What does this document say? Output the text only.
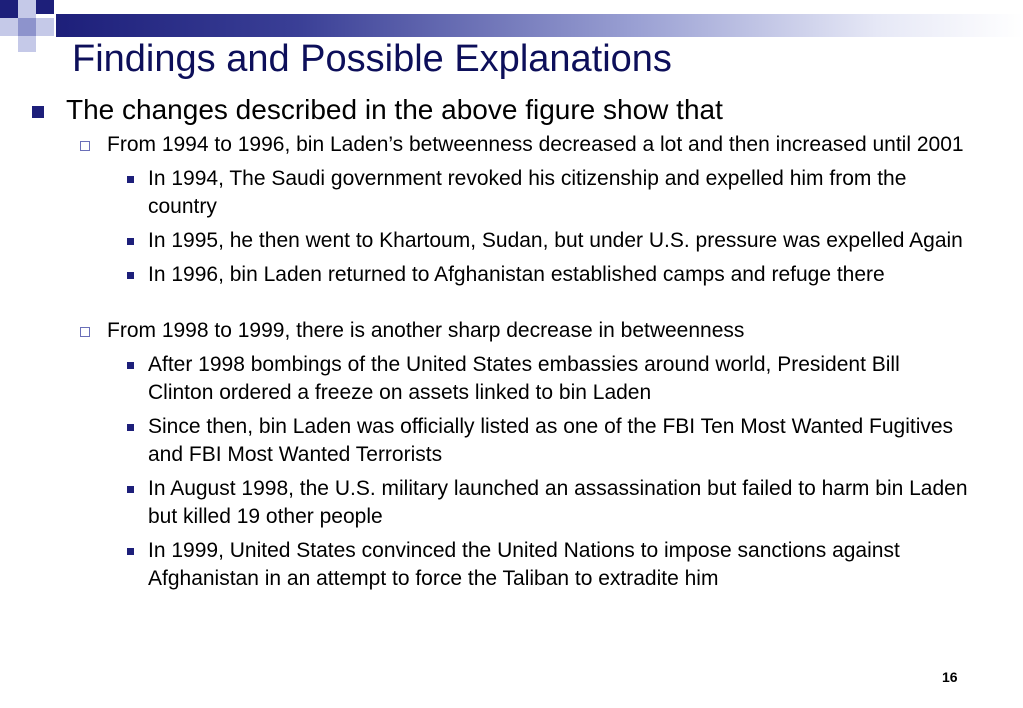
Findings and Possible Explanations
The changes described in the above figure show that
From 1994 to 1996, bin Laden’s betweenness decreased a lot and then increased until 2001
In 1994, The Saudi government revoked his citizenship and expelled him from the country
In 1995, he then went to Khartoum, Sudan, but under U.S. pressure was expelled Again
In 1996, bin Laden returned to Afghanistan established camps and refuge there
From 1998 to 1999, there is another sharp decrease in betweenness
After 1998 bombings of the United States embassies around world, President Bill Clinton ordered a freeze on assets linked to bin Laden
Since then, bin Laden was officially listed as one of the FBI Ten Most Wanted Fugitives and FBI Most Wanted Terrorists
In August 1998, the U.S. military launched an assassination but failed to harm bin Laden but killed 19 other people
In 1999, United States convinced the United Nations to impose sanctions against Afghanistan in an attempt to force the Taliban to extradite him
16
